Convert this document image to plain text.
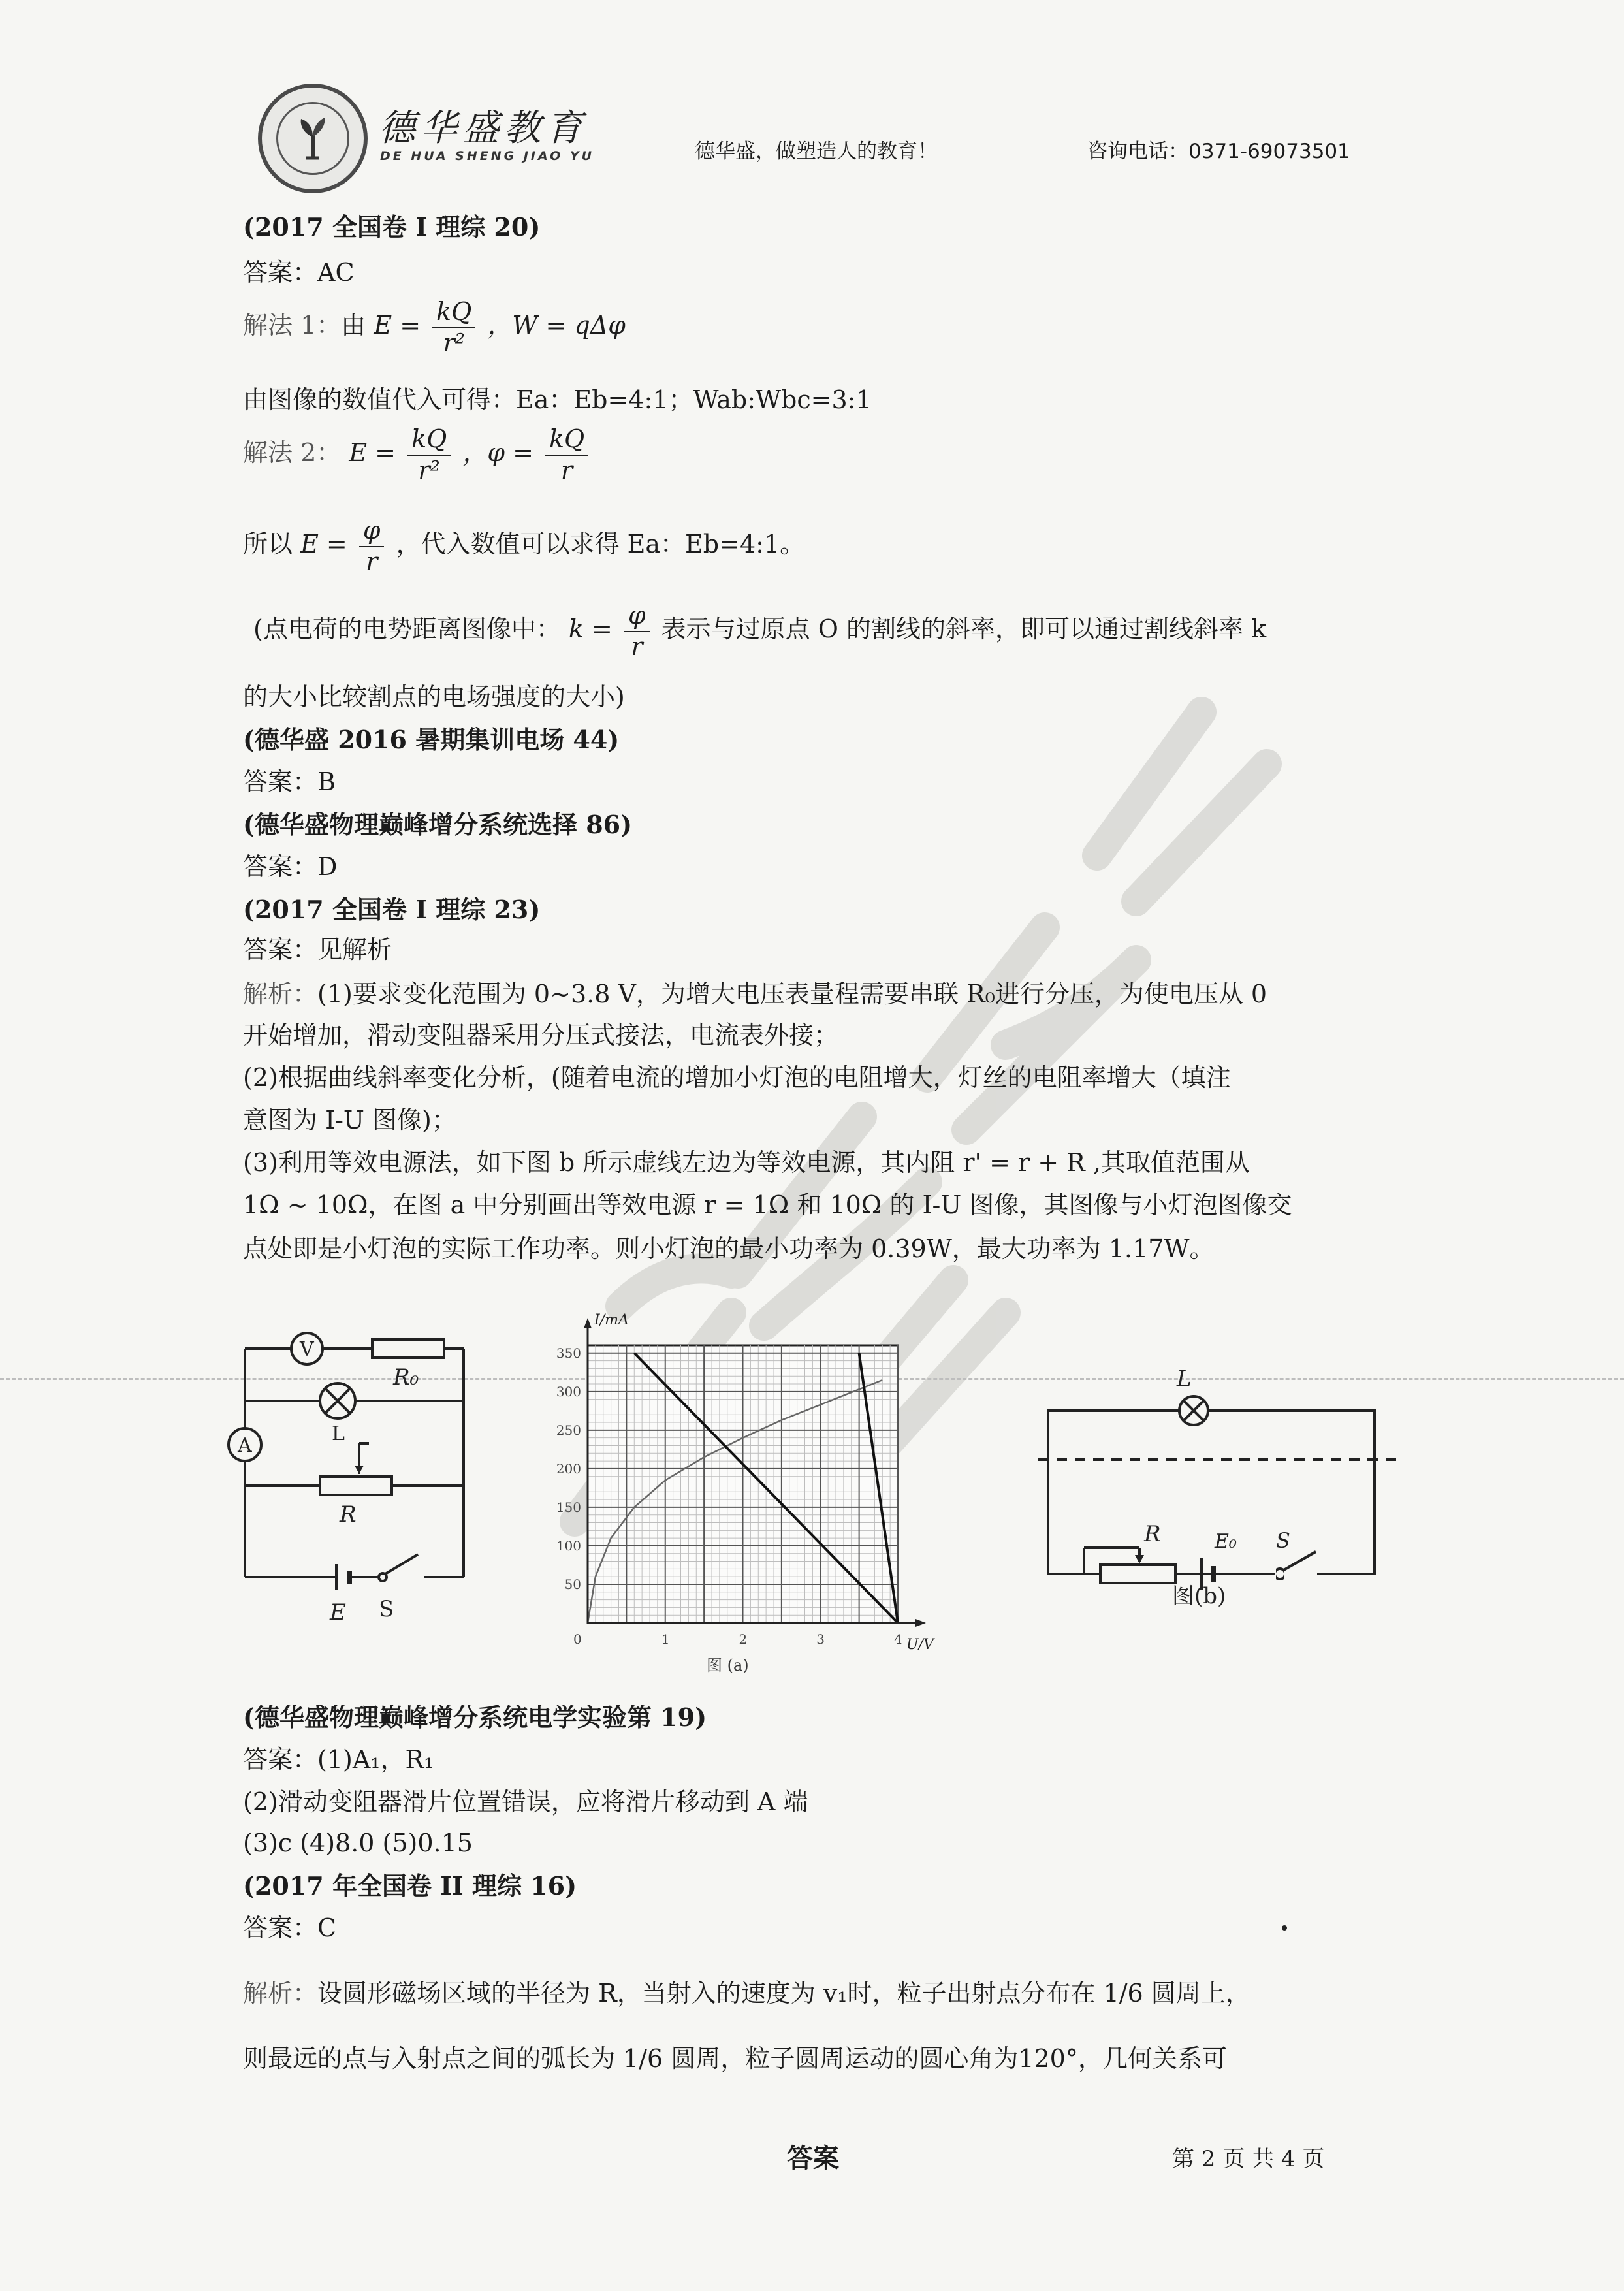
德华盛教育
DE HUA SHENG JIAO YU	德华盛，做塑造人的教育！	咨询电话：0371-69073501
(2017 全国卷 I 理综 20)
答案：AC
解法 1：由 $E = \frac{kQ}{\text{r²}}$ ，W = qΔφ
由图像的数值代入可得：Ea：Eb=4:1；Wab:Wbc=3:1
解法 2： $E = \frac{kQ}{\text{r²}}$ ，$\varphi = \frac{kQ}{r}$
所以 $E = \frac{\varphi}{r}$ ，代入数值可以求得 Ea：Eb=4:1。
(点电荷的电势距离图像中： $k = \frac{\varphi}{r}$ 表示与过原点 O 的割线的斜率，即可以通过割线斜率 k
的大小比较割点的电场强度的大小)
(德华盛 2016 暑期集训电场 44)
答案：B
(德华盛物理巅峰增分系统选择 86)
答案：D
(2017 全国卷 I 理综 23)
答案：见解析
解析：(1)要求变化范围为 0~3.8 V，为增大电压表量程需要串联 R₀进行分压，为使电压从 0
开始增加，滑动变阻器采用分压式接法，电流表外接；
(2)根据曲线斜率变化分析，(随着电流的增加小灯泡的电阻增大，灯丝的电阻率增大（填注
意图为 I-U 图像)；
(3)利用等效电源法，如下图 b 所示虚线左边为等效电源，其内阻 r' = r + R ,其取值范围从
1Ω ~ 10Ω，在图 a 中分别画出等效电源 r = 1Ω 和 10Ω 的 I-U 图像，其图像与小灯泡图像交
点处即是小灯泡的实际工作功率。则小灯泡的最小功率为 0.39W，最大功率为 1.17W。
V
R₀
A
L
R
E S
50
100
150
200
250
300
350
0	1	2	3	4
I/mA
U/V
图 (a)
L
R	E₀ S
图(b)
(德华盛物理巅峰增分系统电学实验第 19)
答案：(1)A₁，R₁
(2)滑动变阻器滑片位置错误，应将滑片移动到 A 端
(3)c (4)8.0 (5)0.15
(2017 年全国卷 II 理综 16)
答案：C
解析：设圆形磁场区域的半径为 R，当射入的速度为 v₁时，粒子出射点分布在 1/6 圆周上，
则最远的点与入射点之间的弧长为 1/6 圆周，粒子圆周运动的圆心角为120°，几何关系可
答案	第 2 页 共 4 页
